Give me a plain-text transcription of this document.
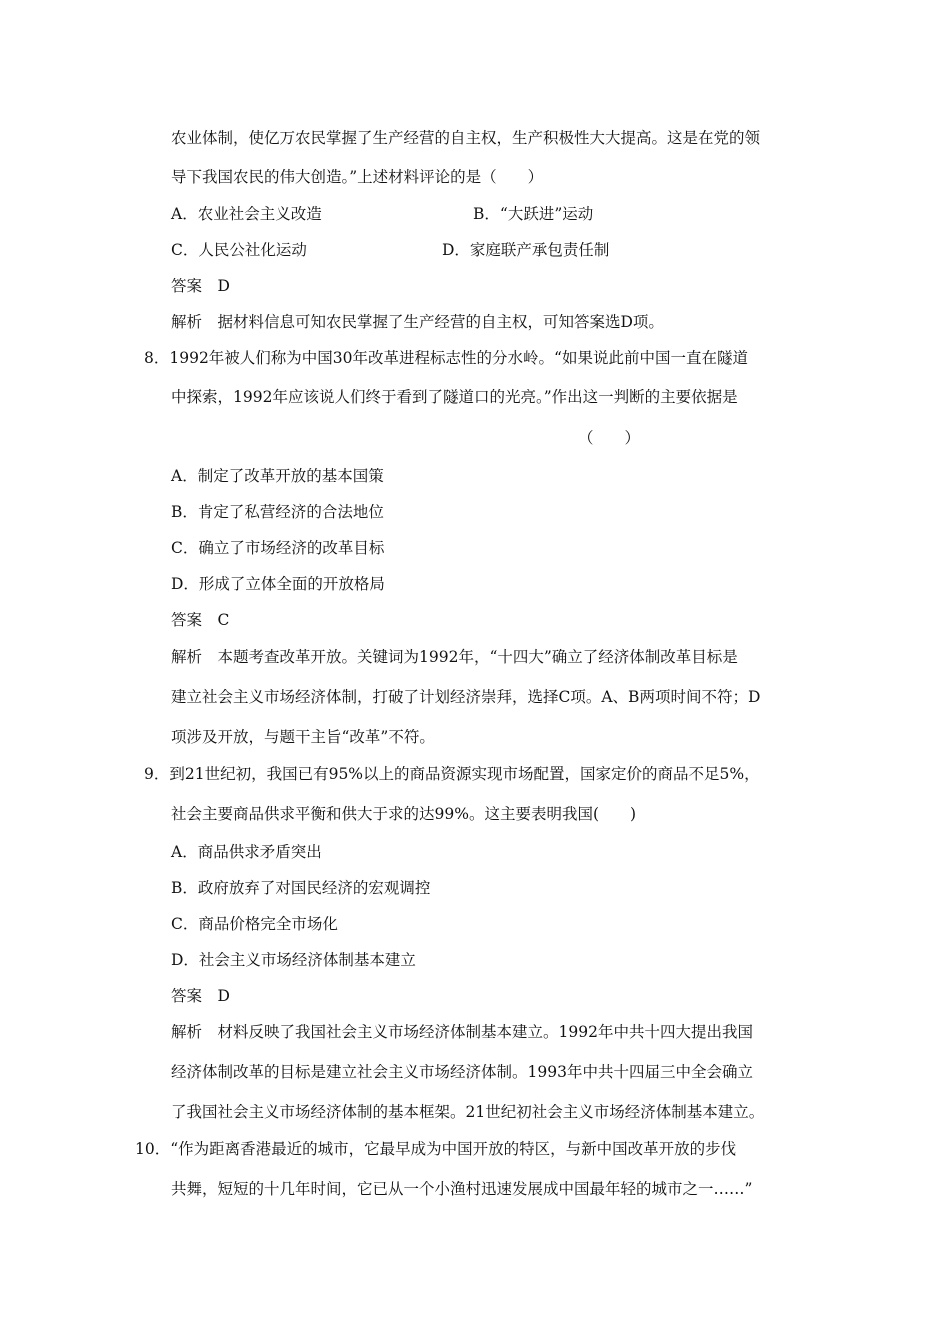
农业体制，使亿万农民掌握了生产经营的自主权，生产积极性大大提高。这是在党的领
导下我国农民的伟大创造。”上述材料评论的是（　　）
A．农业社会主义改造	B．“大跃进”运动
C．人民公社化运动	D．家庭联产承包责任制
答案　D
解析　据材料信息可知农民掌握了生产经营的自主权，可知答案选D项。
8．1992年被人们称为中国30年改革进程标志性的分水岭。“如果说此前中国一直在隧道
中探索，1992年应该说人们终于看到了隧道口的光亮。”作出这一判断的主要依据是
（　　）
A．制定了改革开放的基本国策
B．肯定了私营经济的合法地位
C．确立了市场经济的改革目标
D．形成了立体全面的开放格局
答案　C
解析　本题考查改革开放。关键词为1992年，“十四大”确立了经济体制改革目标是
建立社会主义市场经济体制，打破了计划经济崇拜，选择C项。A、B两项时间不符；D
项涉及开放，与题干主旨“改革”不符。
9．到21世纪初，我国已有95%以上的商品资源实现市场配置，国家定价的商品不足5%，
社会主要商品供求平衡和供大于求的达99%。这主要表明我国(　　)
A．商品供求矛盾突出
B．政府放弃了对国民经济的宏观调控
C．商品价格完全市场化
D．社会主义市场经济体制基本建立
答案　D
解析　材料反映了我国社会主义市场经济体制基本建立。1992年中共十四大提出我国
经济体制改革的目标是建立社会主义市场经济体制。1993年中共十四届三中全会确立
了我国社会主义市场经济体制的基本框架。21世纪初社会主义市场经济体制基本建立。
10．“作为距离香港最近的城市，它最早成为中国开放的特区，与新中国改革开放的步伐
共舞，短短的十几年时间，它已从一个小渔村迅速发展成中国最年轻的城市之一……”
